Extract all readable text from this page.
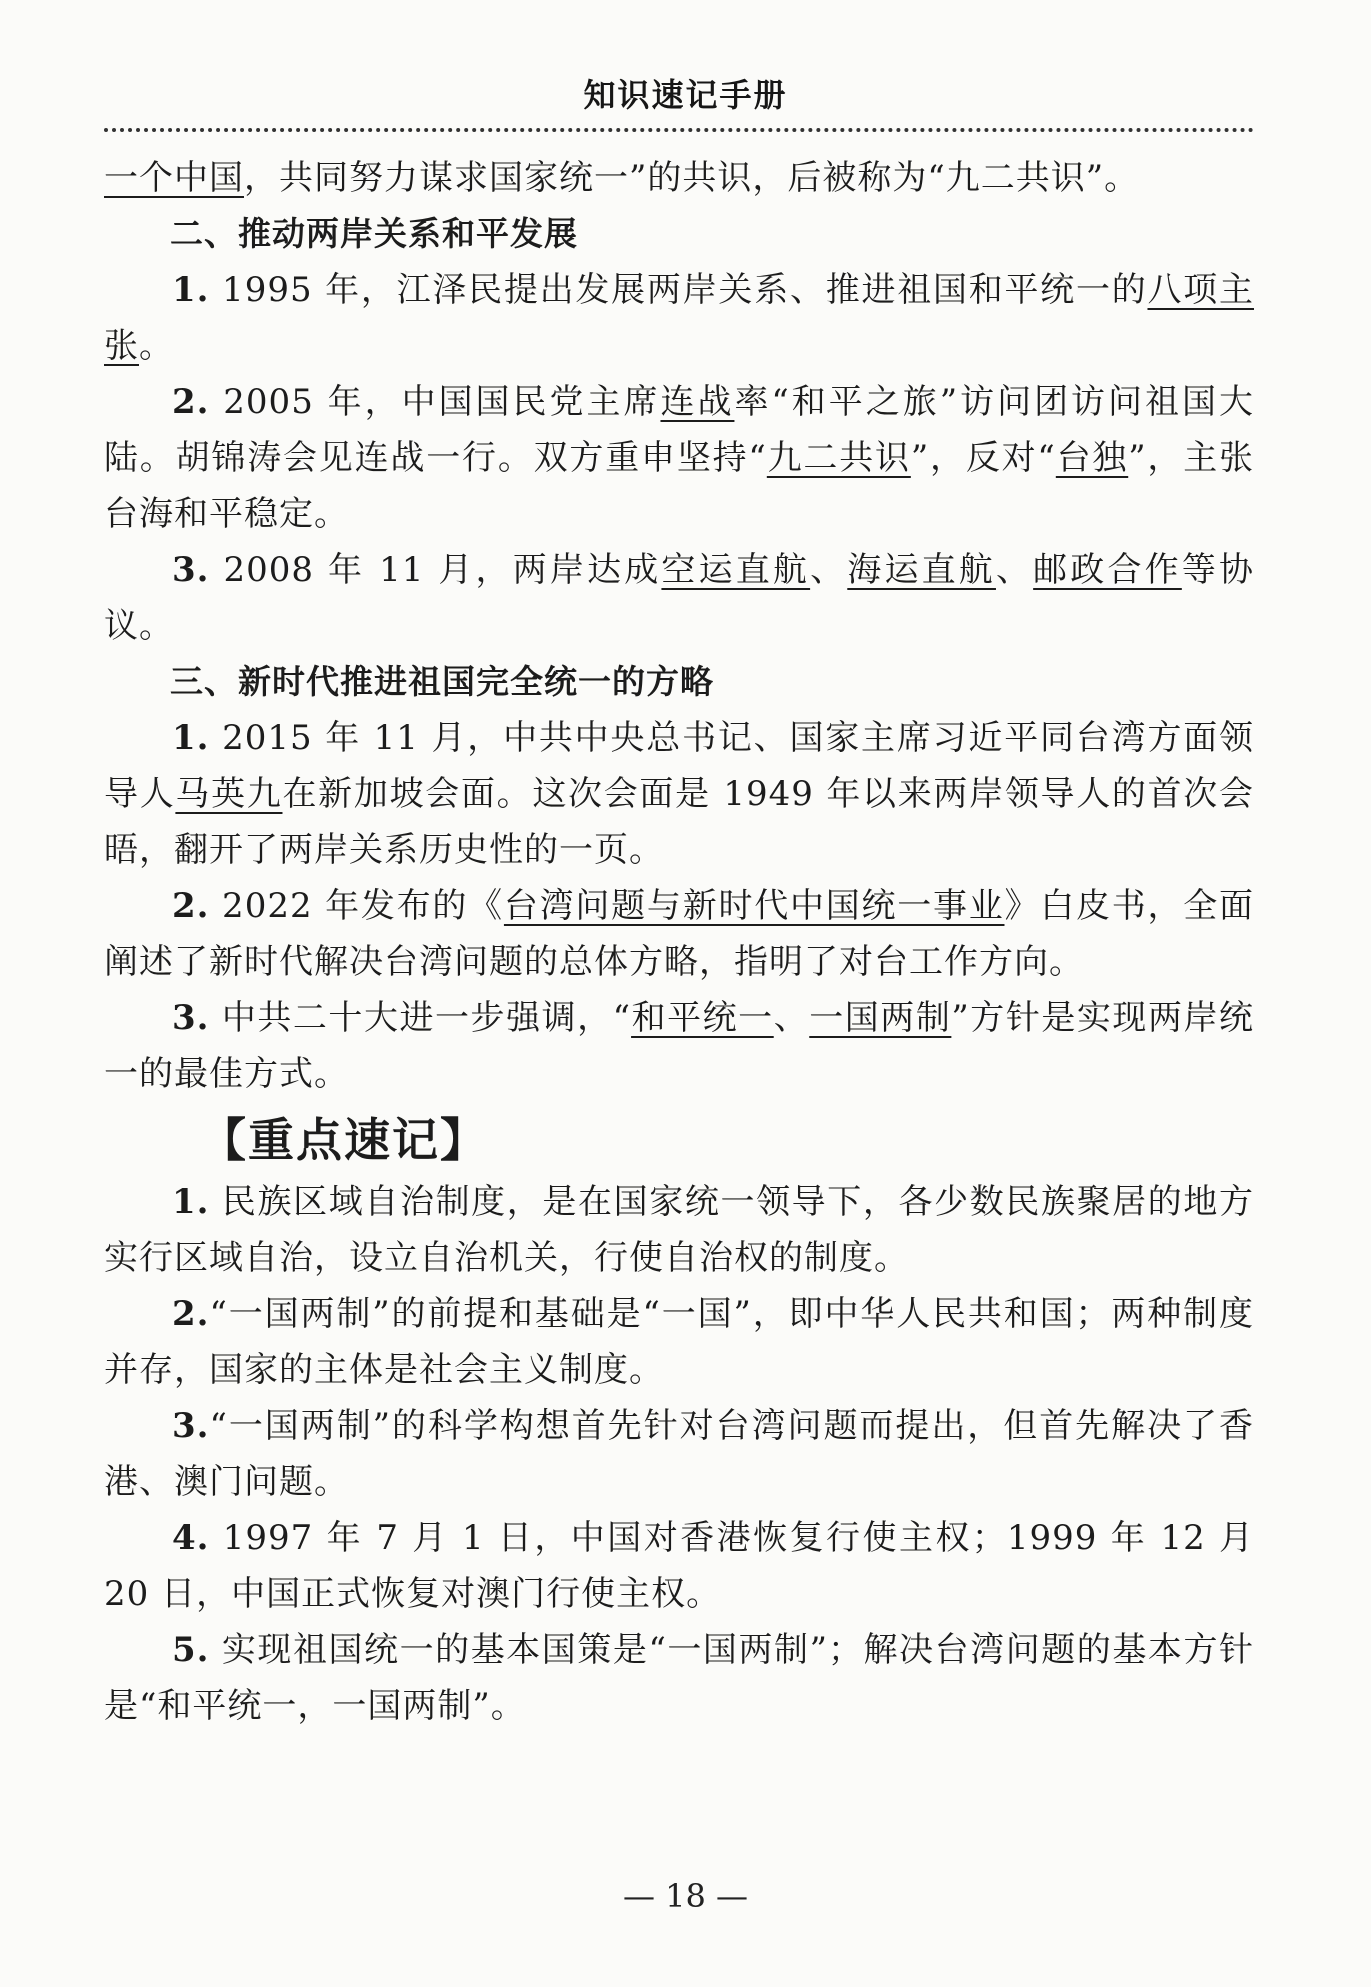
知识速记手册

一个中国，共同努力谋求国家统一”的共识，后被称为“九二共识”。

二、推动两岸关系和平发展

1. 1995 年，江泽民提出发展两岸关系、推进祖国和平统一的八项主张。

2. 2005 年，中国国民党主席连战率“和平之旅”访问团访问祖国大陆。胡锦涛会见连战一行。双方重申坚持“九二共识”，反对“台独”，主张台海和平稳定。

3. 2008 年 11 月，两岸达成空运直航、海运直航、邮政合作等协议。

三、新时代推进祖国完全统一的方略

1. 2015 年 11 月，中共中央总书记、国家主席习近平同台湾方面领导人马英九在新加坡会面。这次会面是 1949 年以来两岸领导人的首次会晤，翻开了两岸关系历史性的一页。

2. 2022 年发布的《台湾问题与新时代中国统一事业》白皮书，全面阐述了新时代解决台湾问题的总体方略，指明了对台工作方向。

3. 中共二十大进一步强调，“和平统一、一国两制”方针是实现两岸统一的最佳方式。

【重点速记】

1. 民族区域自治制度，是在国家统一领导下，各少数民族聚居的地方实行区域自治，设立自治机关，行使自治权的制度。

2.“一国两制”的前提和基础是“一国”，即中华人民共和国；两种制度并存，国家的主体是社会主义制度。

3.“一国两制”的科学构想首先针对台湾问题而提出，但首先解决了香港、澳门问题。

4. 1997 年 7 月 1 日，中国对香港恢复行使主权；1999 年 12 月 20 日，中国正式恢复对澳门行使主权。

5. 实现祖国统一的基本国策是“一国两制”；解决台湾问题的基本方针是“和平统一，一国两制”。

— 18 —
